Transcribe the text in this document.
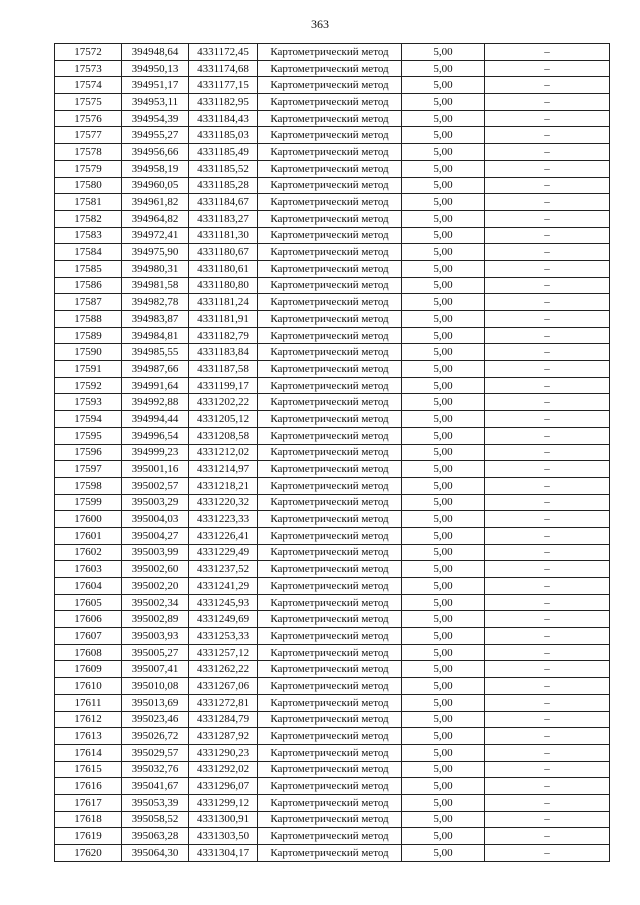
363
17572	394948,64	4331172,45	Картометрический метод	5,00	–
17573	394950,13	4331174,68	Картометрический метод	5,00	–
17574	394951,17	4331177,15	Картометрический метод	5,00	–
17575	394953,11	4331182,95	Картометрический метод	5,00	–
17576	394954,39	4331184,43	Картометрический метод	5,00	–
17577	394955,27	4331185,03	Картометрический метод	5,00	–
17578	394956,66	4331185,49	Картометрический метод	5,00	–
17579	394958,19	4331185,52	Картометрический метод	5,00	–
17580	394960,05	4331185,28	Картометрический метод	5,00	–
17581	394961,82	4331184,67	Картометрический метод	5,00	–
17582	394964,82	4331183,27	Картометрический метод	5,00	–
17583	394972,41	4331181,30	Картометрический метод	5,00	–
17584	394975,90	4331180,67	Картометрический метод	5,00	–
17585	394980,31	4331180,61	Картометрический метод	5,00	–
17586	394981,58	4331180,80	Картометрический метод	5,00	–
17587	394982,78	4331181,24	Картометрический метод	5,00	–
17588	394983,87	4331181,91	Картометрический метод	5,00	–
17589	394984,81	4331182,79	Картометрический метод	5,00	–
17590	394985,55	4331183,84	Картометрический метод	5,00	–
17591	394987,66	4331187,58	Картометрический метод	5,00	–
17592	394991,64	4331199,17	Картометрический метод	5,00	–
17593	394992,88	4331202,22	Картометрический метод	5,00	–
17594	394994,44	4331205,12	Картометрический метод	5,00	–
17595	394996,54	4331208,58	Картометрический метод	5,00	–
17596	394999,23	4331212,02	Картометрический метод	5,00	–
17597	395001,16	4331214,97	Картометрический метод	5,00	–
17598	395002,57	4331218,21	Картометрический метод	5,00	–
17599	395003,29	4331220,32	Картометрический метод	5,00	–
17600	395004,03	4331223,33	Картометрический метод	5,00	–
17601	395004,27	4331226,41	Картометрический метод	5,00	–
17602	395003,99	4331229,49	Картометрический метод	5,00	–
17603	395002,60	4331237,52	Картометрический метод	5,00	–
17604	395002,20	4331241,29	Картометрический метод	5,00	–
17605	395002,34	4331245,93	Картометрический метод	5,00	–
17606	395002,89	4331249,69	Картометрический метод	5,00	–
17607	395003,93	4331253,33	Картометрический метод	5,00	–
17608	395005,27	4331257,12	Картометрический метод	5,00	–
17609	395007,41	4331262,22	Картометрический метод	5,00	–
17610	395010,08	4331267,06	Картометрический метод	5,00	–
17611	395013,69	4331272,81	Картометрический метод	5,00	–
17612	395023,46	4331284,79	Картометрический метод	5,00	–
17613	395026,72	4331287,92	Картометрический метод	5,00	–
17614	395029,57	4331290,23	Картометрический метод	5,00	–
17615	395032,76	4331292,02	Картометрический метод	5,00	–
17616	395041,67	4331296,07	Картометрический метод	5,00	–
17617	395053,39	4331299,12	Картометрический метод	5,00	–
17618	395058,52	4331300,91	Картометрический метод	5,00	–
17619	395063,28	4331303,50	Картометрический метод	5,00	–
17620	395064,30	4331304,17	Картометрический метод	5,00	–
